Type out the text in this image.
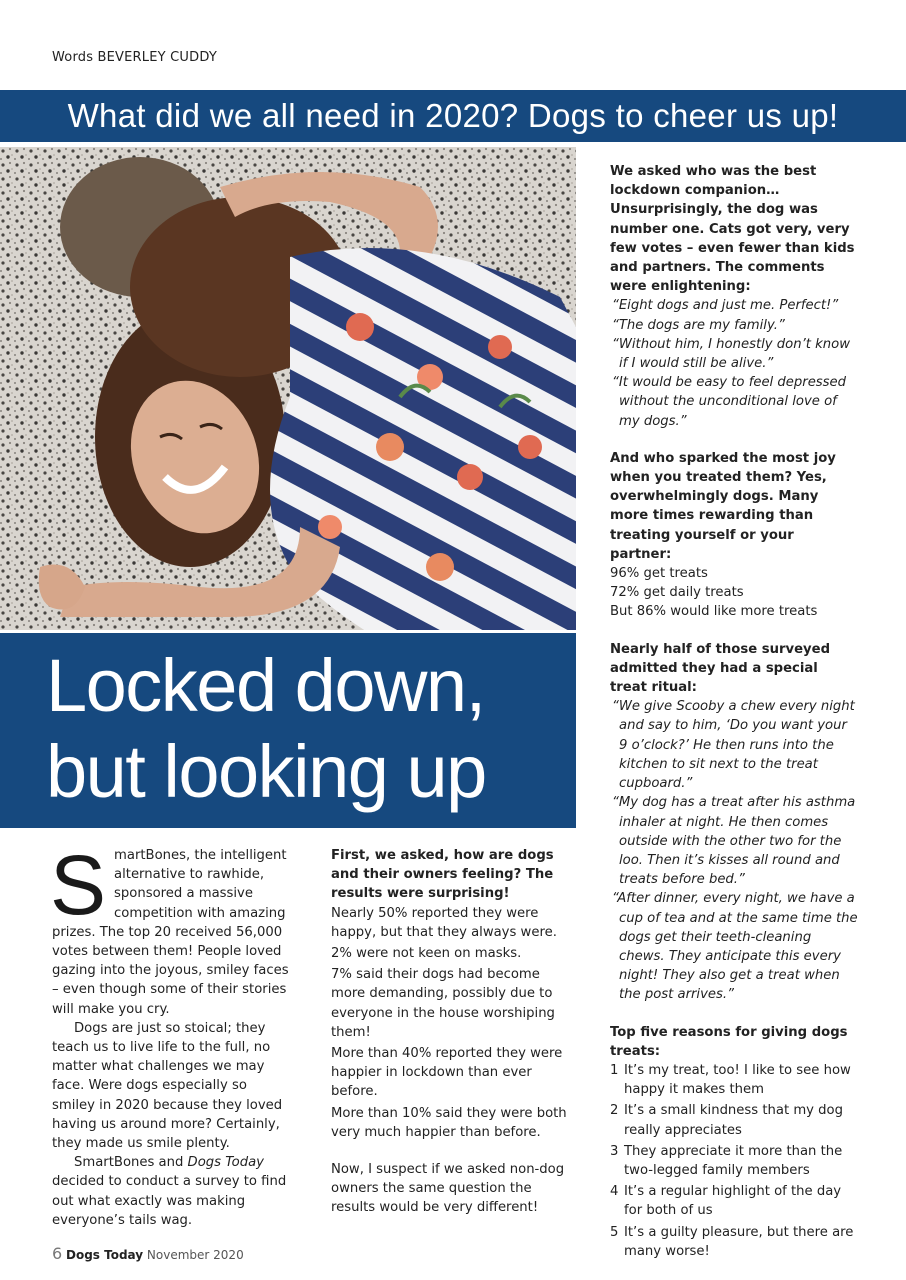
Words BEVERLEY CUDDY
What did we all need in 2020? Dogs to cheer us up!
Locked down,
but looking up

SmartBones, the intelligent alternative to rawhide, sponsored a massive competition with amazing prizes. The top 20 received 56,000 votes between them! People loved gazing into the joyous, smiley faces – even though some of their stories will make you cry.

Dogs are just so stoical; they teach us to live life to the full, no matter what challenges we may face. Were dogs especially so smiley in 2020 because they loved having us around more? Certainly, they made us smile plenty.

SmartBones and Dogs Today decided to conduct a survey to find out what exactly was making everyone’s tails wag.

First, we asked, how are dogs and their owners feeling? The results were surprising!

Nearly 50% reported they were happy, but that they always were.

2% were not keen on masks.

7% said their dogs had become more demanding, possibly due to everyone in the house worshiping them!

More than 40% reported they were happier in lockdown than ever before.

More than 10% said they were both very much happier than before.

Now, I suspect if we asked non-dog owners the same question the results would be very different!

We asked who was the best lockdown companion… Unsurprisingly, the dog was number one. Cats got very, very few votes – even fewer than kids and partners. The comments were enlightening:

“Eight dogs and just me. Perfect!”

“The dogs are my family.”

“Without him, I honestly don’t know if I would still be alive.”

“It would be easy to feel depressed without the unconditional love of my dogs.”

And who sparked the most joy when you treated them? Yes, overwhelmingly dogs. Many more times rewarding than treating yourself or your partner:

96% get treats

72% get daily treats

But 86% would like more treats

Nearly half of those surveyed admitted they had a special treat ritual:

“We give Scooby a chew every night and say to him, ‘Do you want your 9 o’clock?’ He then runs into the kitchen to sit next to the treat cupboard.”

“My dog has a treat after his asthma inhaler at night. He then comes outside with the other two for the loo. Then it’s kisses all round and treats before bed.”

“After dinner, every night, we have a cup of tea and at the same time the dogs get their teeth-cleaning chews. They anticipate this every night! They also get a treat when the post arrives.”

Top five reasons for giving dogs treats:

1 It’s my treat, too! I like to see how happy it makes them

2 It’s a small kindness that my dog really appreciates

3 They appreciate it more than the two-legged family members

4 It’s a regular highlight of the day for both of us

5 It’s a guilty pleasure, but there are many worse!

6 Dogs Today November 2020
